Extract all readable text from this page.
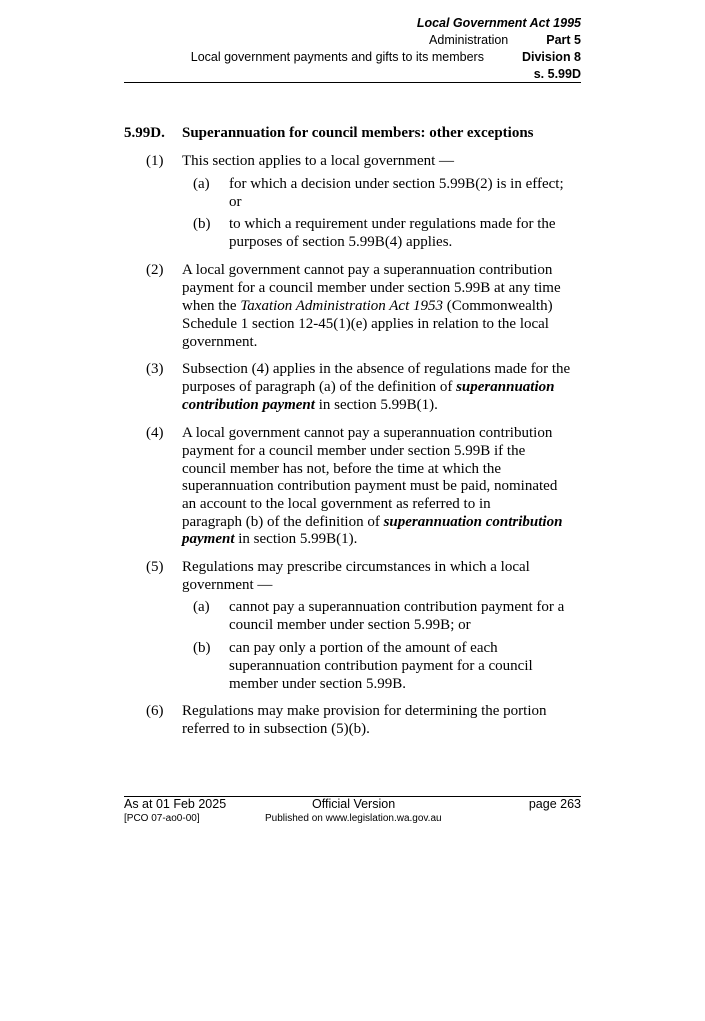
Local Government Act 1995
Administration	Part 5
Local government payments and gifts to its members	Division 8
s. 5.99D
5.99D. Superannuation for council members: other exceptions
(1) This section applies to a local government —
(a) for which a decision under section 5.99B(2) is in effect;
or
(b) to which a requirement under regulations made for the
purposes of section 5.99B(4) applies.
(2) A local government cannot pay a superannuation contribution
payment for a council member under section 5.99B at any time
when the Taxation Administration Act 1953 (Commonwealth)
Schedule 1 section 12-45(1)(e) applies in relation to the local
government.
(3) Subsection (4) applies in the absence of regulations made for the
purposes of paragraph (a) of the definition of superannuation
contribution payment in section 5.99B(1).
(4) A local government cannot pay a superannuation contribution
payment for a council member under section 5.99B if the
council member has not, before the time at which the
superannuation contribution payment must be paid, nominated
an account to the local government as referred to in
paragraph (b) of the definition of superannuation contribution
payment in section 5.99B(1).
(5) Regulations may prescribe circumstances in which a local
government —
(a) cannot pay a superannuation contribution payment for a
council member under section 5.99B; or
(b) can pay only a portion of the amount of each
superannuation contribution payment for a council
member under section 5.99B.
(6) Regulations may make provision for determining the portion
referred to in subsection (5)(b).
As at 01 Feb 2025	Official Version	page 263
[PCO 07-ao0-00]	Published on www.legislation.wa.gov.au
